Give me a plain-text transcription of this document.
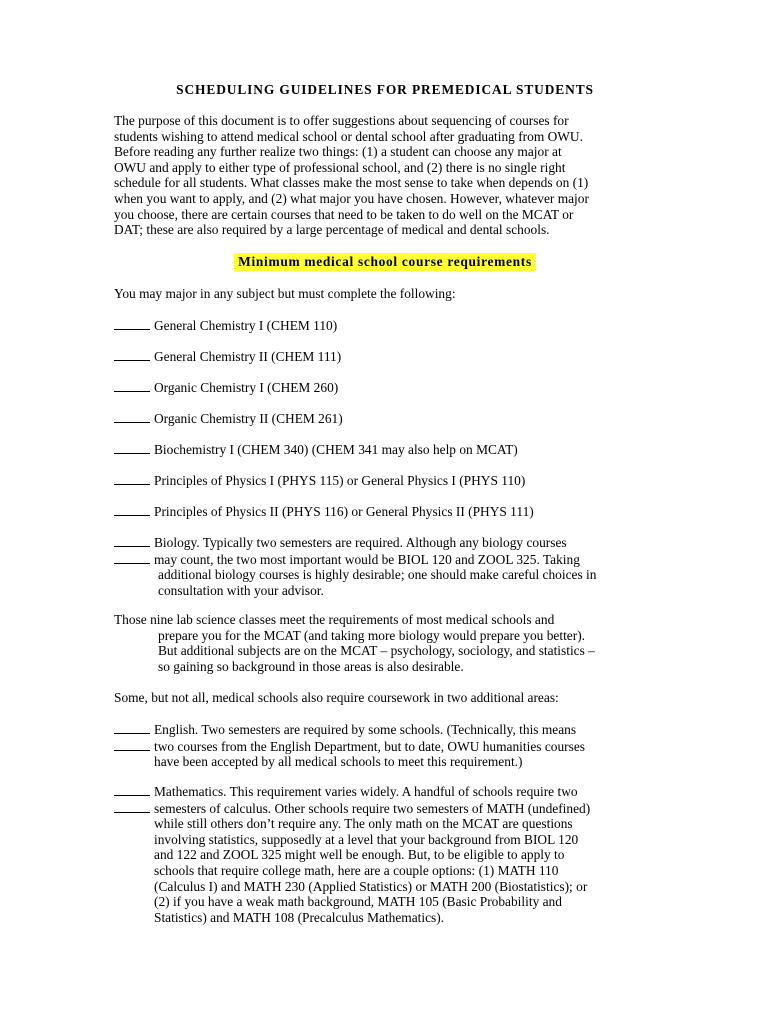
SCHEDULING GUIDELINES FOR PREMEDICAL STUDENTS
The purpose of this document is to offer suggestions about sequencing of courses for
students wishing to attend medical school or dental school after graduating from OWU.
Before reading any further realize two things: (1) a student can choose any major at
OWU and apply to either type of professional school, and (2) there is no single right
schedule for all students. What classes make the most sense to take when depends on (1)
when you want to apply, and (2) what major you have chosen. However, whatever major
you choose, there are certain courses that need to be taken to do well on the MCAT or
DAT; these are also required by a large percentage of medical and dental schools.
Minimum medical school course requirements
You may major in any subject but must complete the following:
General Chemistry I (CHEM 110)
General Chemistry II (CHEM 111)
Organic Chemistry I (CHEM 260)
Organic Chemistry II (CHEM 261)
Biochemistry I (CHEM 340) (CHEM 341 may also help on MCAT)
Principles of Physics I (PHYS 115) or General Physics I (PHYS 110)
Principles of Physics II (PHYS 116) or General Physics II (PHYS 111)
Biology. Typically two semesters are required. Although any biology courses
may count, the two most important would be BIOL 120 and ZOOL 325. Taking
additional biology courses is highly desirable; one should make careful choices in
consultation with your advisor.
Those nine lab science classes meet the requirements of most medical schools and
prepare you for the MCAT (and taking more biology would prepare you better).
But additional subjects are on the MCAT – psychology, sociology, and statistics –
so gaining so background in those areas is also desirable.
Some, but not all, medical schools also require coursework in two additional areas:
English. Two semesters are required by some schools. (Technically, this means
two courses from the English Department, but to date, OWU humanities courses
have been accepted by all medical schools to meet this requirement.)
Mathematics. This requirement varies widely. A handful of schools require two
semesters of calculus. Other schools require two semesters of MATH (undefined)
while still others don’t require any. The only math on the MCAT are questions
involving statistics, supposedly at a level that your background from BIOL 120
and 122 and ZOOL 325 might well be enough. But, to be eligible to apply to
schools that require college math, here are a couple options: (1) MATH 110
(Calculus I) and MATH 230 (Applied Statistics) or MATH 200 (Biostatistics); or
(2) if you have a weak math background, MATH 105 (Basic Probability and
Statistics) and MATH 108 (Precalculus Mathematics).
